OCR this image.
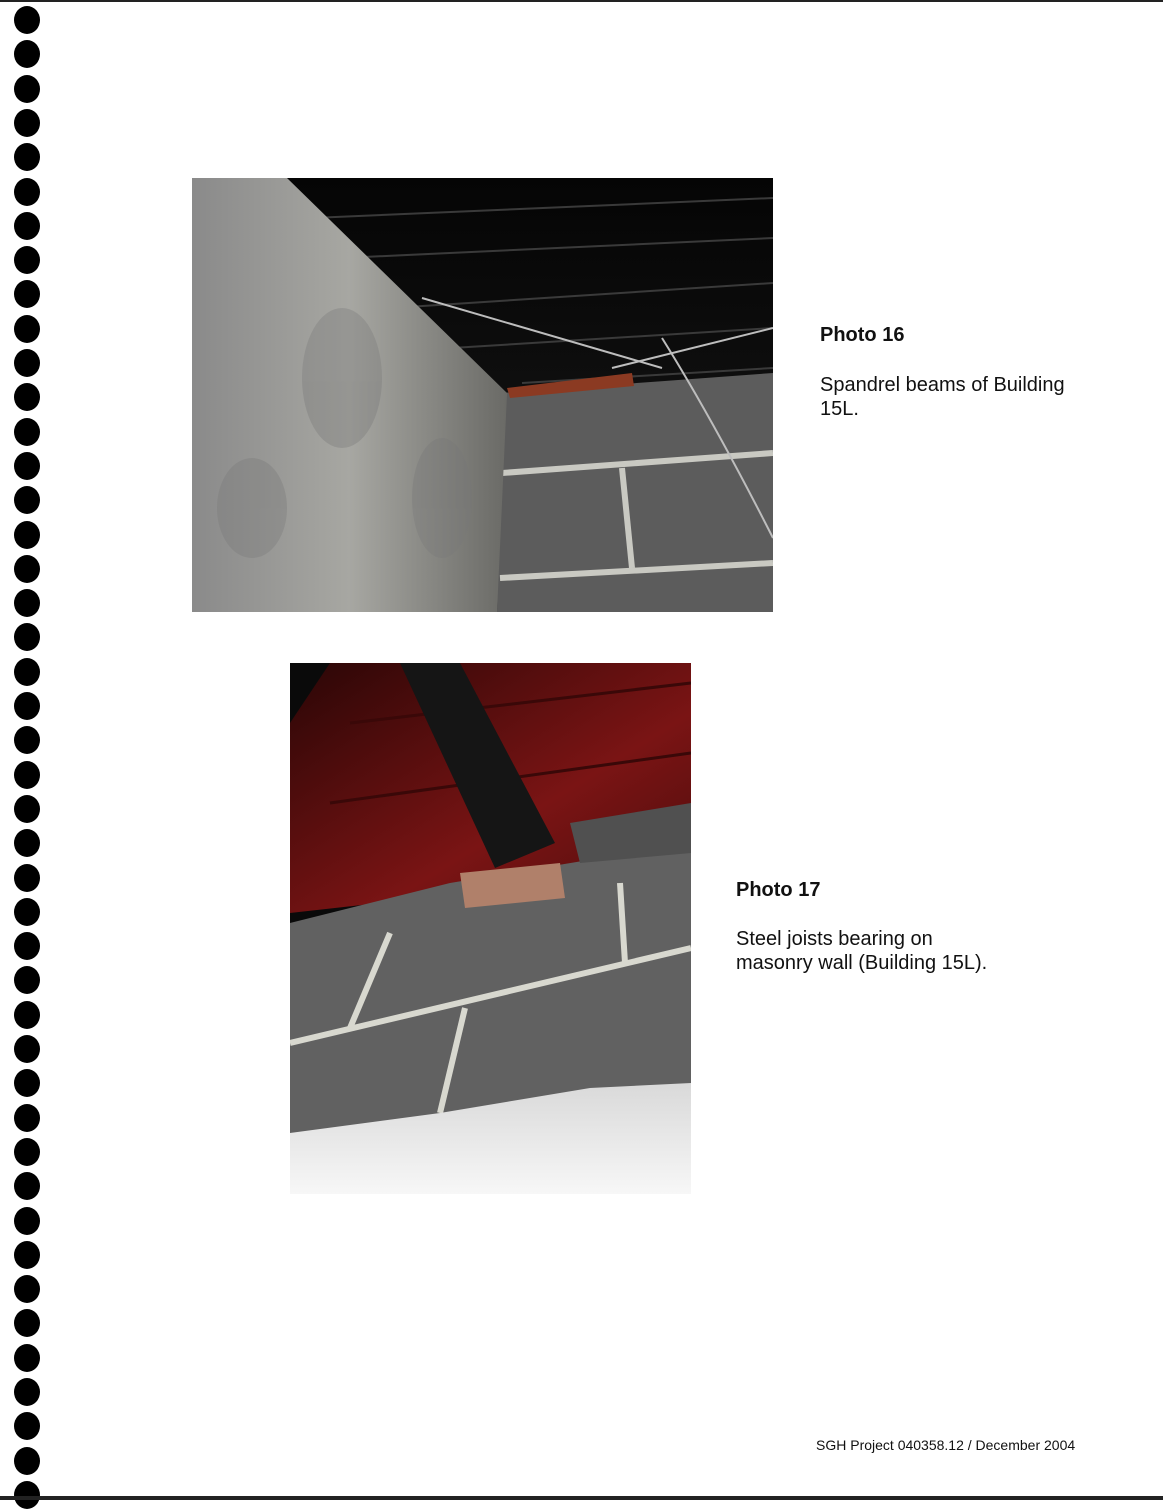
Photo 16
Spandrel beams of Building
15L.
Photo 17
Steel joists bearing on
masonry wall (Building 15L).
SGH Project 040358.12 / December 2004
